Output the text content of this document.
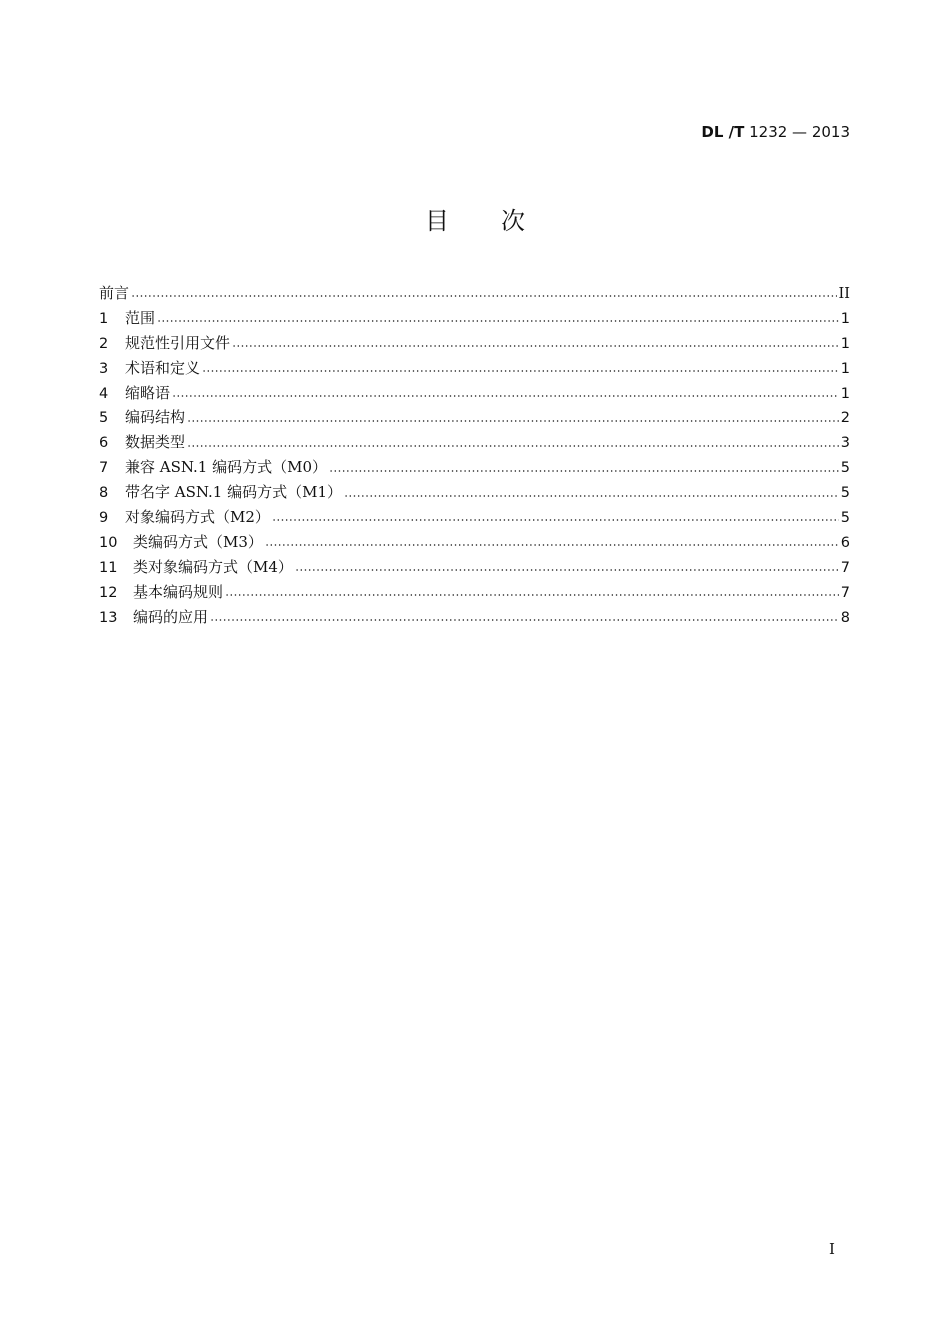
DL /T 1232 — 2013
目次
前言	II
1	范围	1
2	规范性引用文件	1
3	术语和定义	1
4	缩略语	1
5	编码结构	2
6	数据类型	3
7	兼容 ASN.1 编码方式（M0）	5
8	带名字 ASN.1 编码方式（M1）	5
9	对象编码方式（M2）	5
10	类编码方式（M3）	6
11	类对象编码方式（M4）	7
12	基本编码规则	7
13	编码的应用	8
I
